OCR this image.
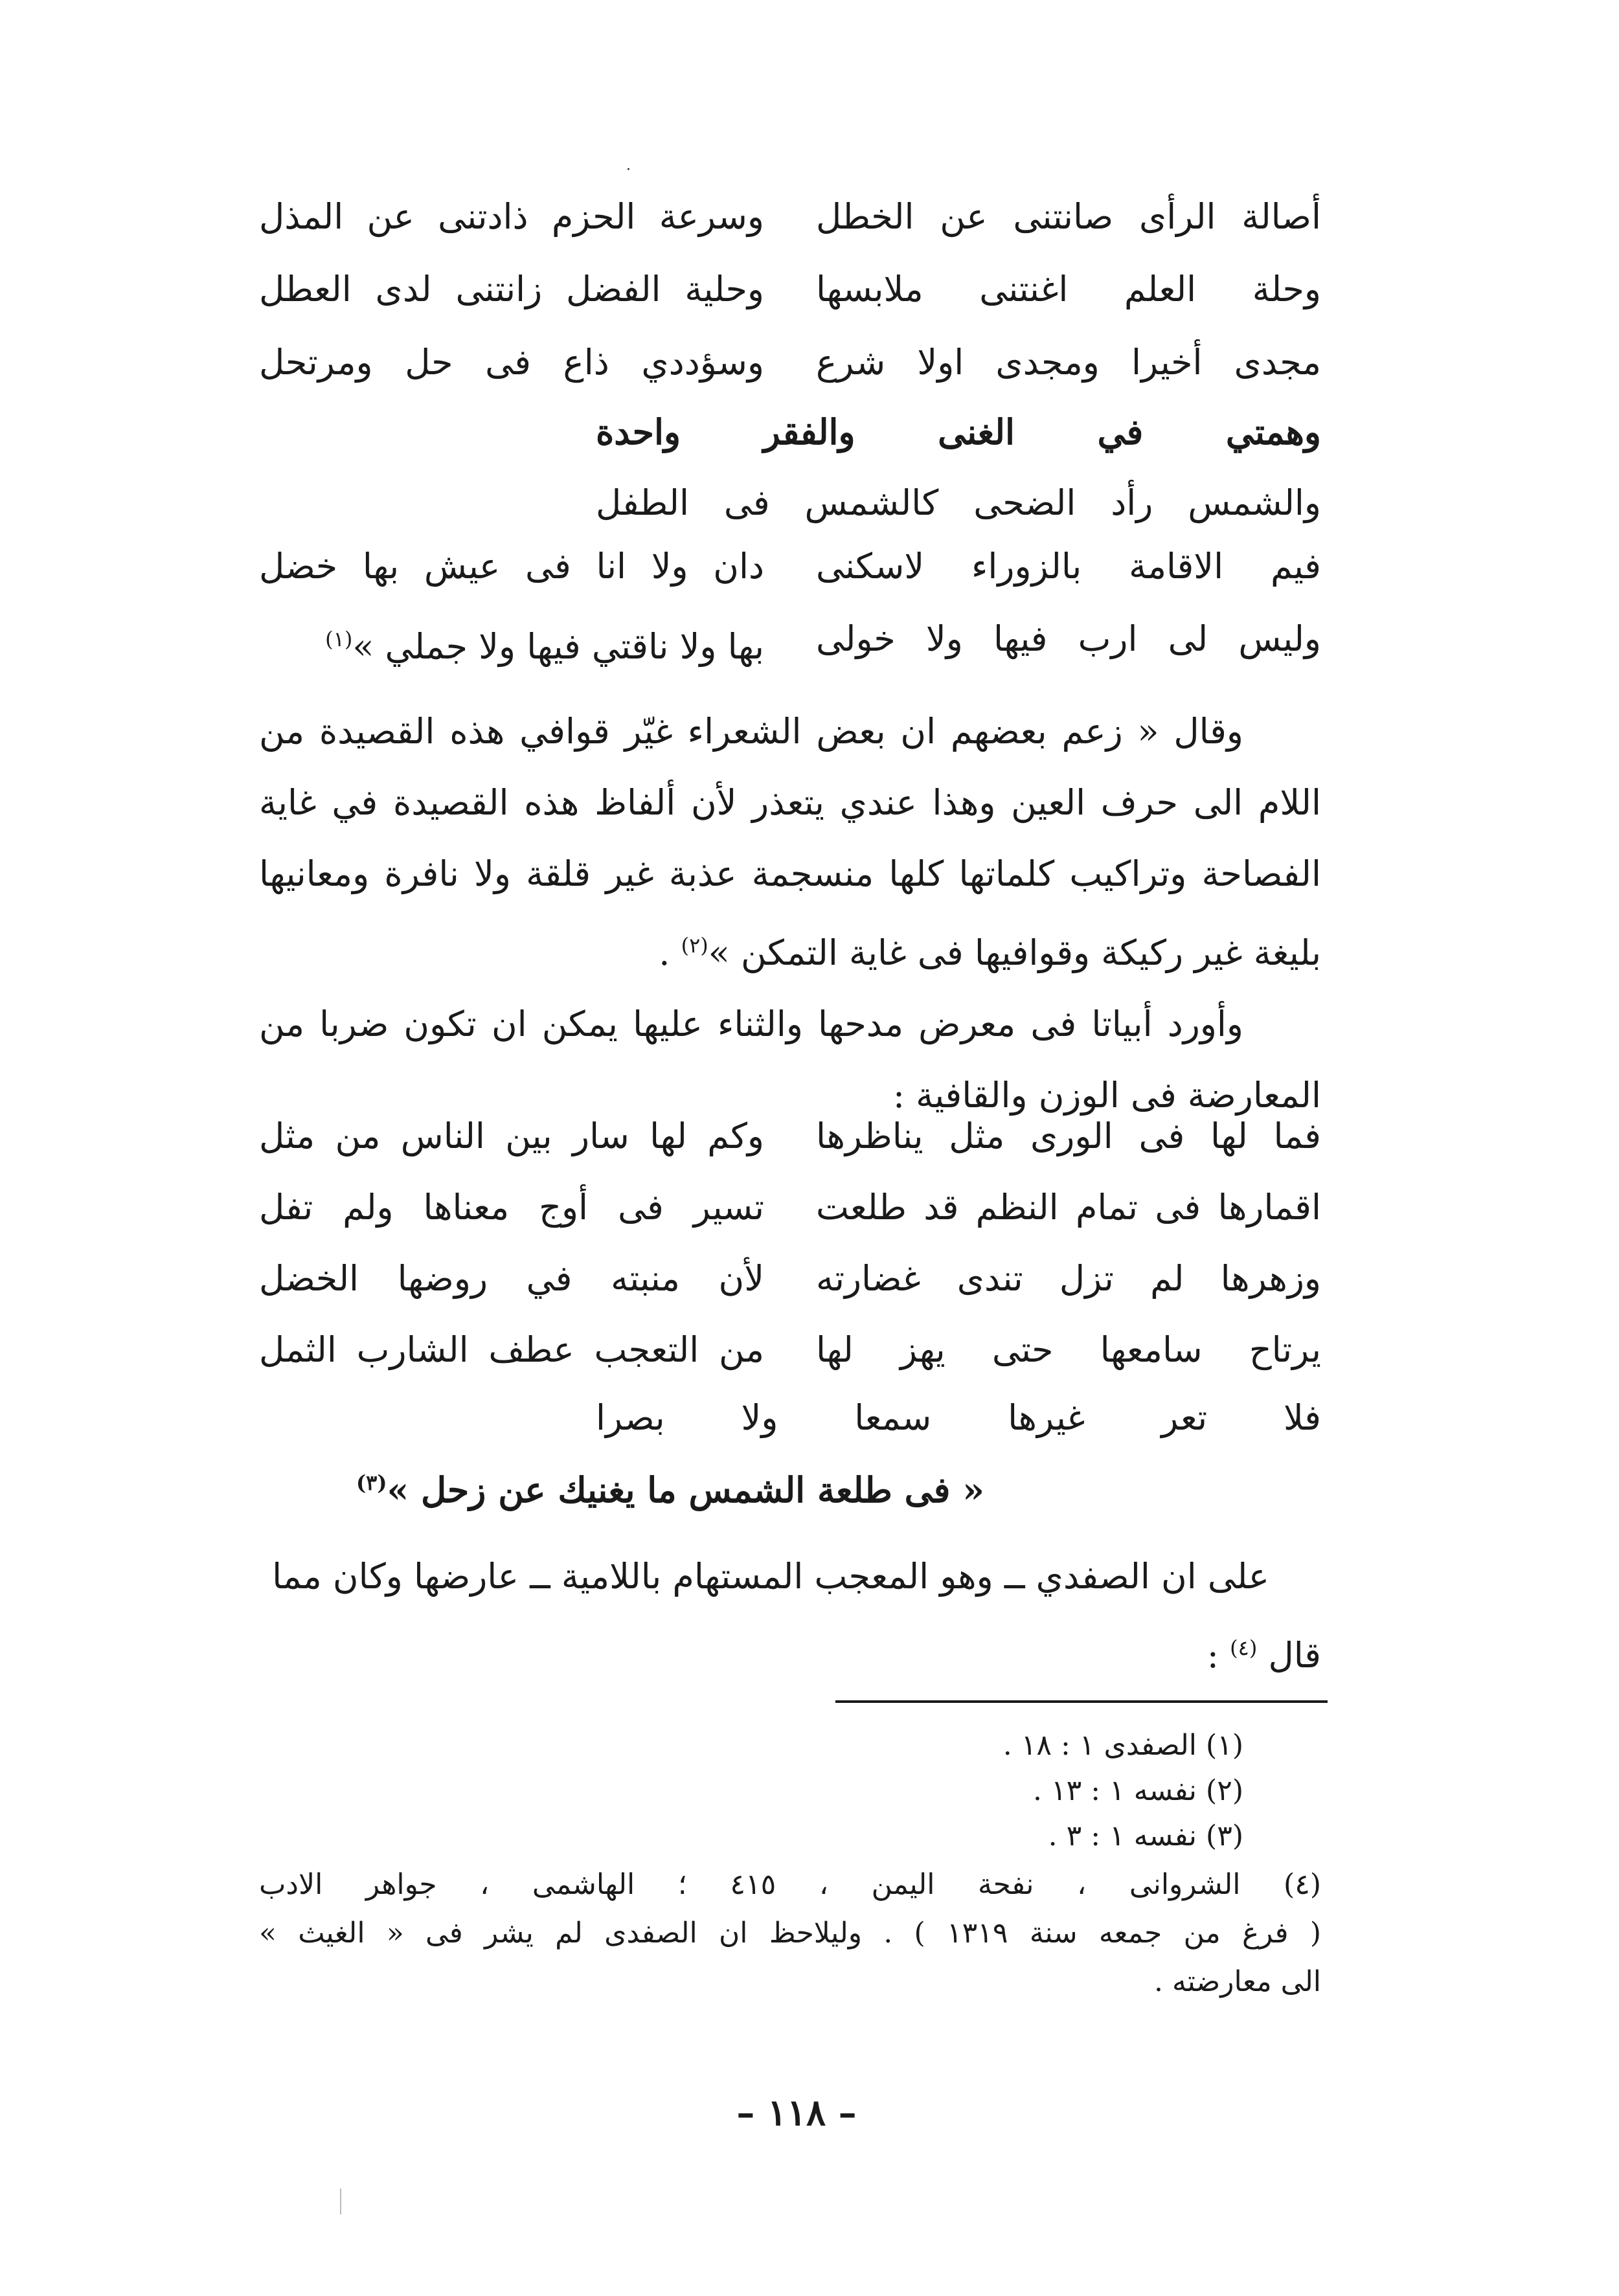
·
أصالة الرأى صانتنى عن الخطل
وسرعة الحزم ذادتنى عن المذل
وحلة العلم اغنتنى ملابسها
وحلية الفضل زانتنى لدى العطل
مجدى أخيرا ومجدى اولا شرع
وسؤددي ذاع فى حل ومرتحل
وهمتي في الغنى والفقر واحدة
والشمس رأد الضحى كالشمس فى الطفل
فيم الاقامة بالزوراء لاسكنى
دان ولا انا فى عيش بها خضل
وليس لى ارب فيها ولا خولى
بها ولا ناقتي فيها ولا جملي »$^{(١)}$

وقال « زعم بعضهم ان بعض الشعراء غيّر قوافي هذه القصيدة من اللام الى حرف العين وهذا عندي يتعذر لأن ألفاظ هذه القصيدة في غاية الفصاحة وتراكيب كلماتها كلها منسجمة عذبة غير قلقة ولا نافرة ومعانيها بليغة غير ركيكة وقوافيها فى غاية التمكن »$^{(٢)}$ .

وأورد أبياتا فى معرض مدحها والثناء عليها يمكن ان تكون ضربا من المعارضة فى الوزن والقافية :

فما لها فى الورى مثل يناظرها
وكم لها سار بين الناس من مثل
اقمارها فى تمام النظم قد طلعت
تسير فى أوج معناها ولم تفل
وزهرها لم تزل تندى غضارته
لأن منبته في روضها الخضل
يرتاح سامعها حتى يهز لها
من التعجب عطف الشارب الثمل
فلا تعر غيرها سمعا ولا بصرا
« فى طلعة الشمس ما يغنيك عن زحل »$^{(٣)}$
على ان الصفدي ــ وهو المعجب المستهام باللامية ــ عارضها وكان مما
قال $^{(٤)}$ :
(١) الصفدى ١ : ١٨ .
(٢) نفسه ١ : ١٣ .
(٣) نفسه ١ : ٣ .
(٤) الشروانى ، نفحة اليمن ، ٤١٥ ؛ الهاشمى ، جواهر الادب
( فرغ من جمعه سنة ١٣١٩ ) . وليلاحظ ان الصفدى لم يشر فى « الغيث »
الى معارضته .
– ١١٨ –
